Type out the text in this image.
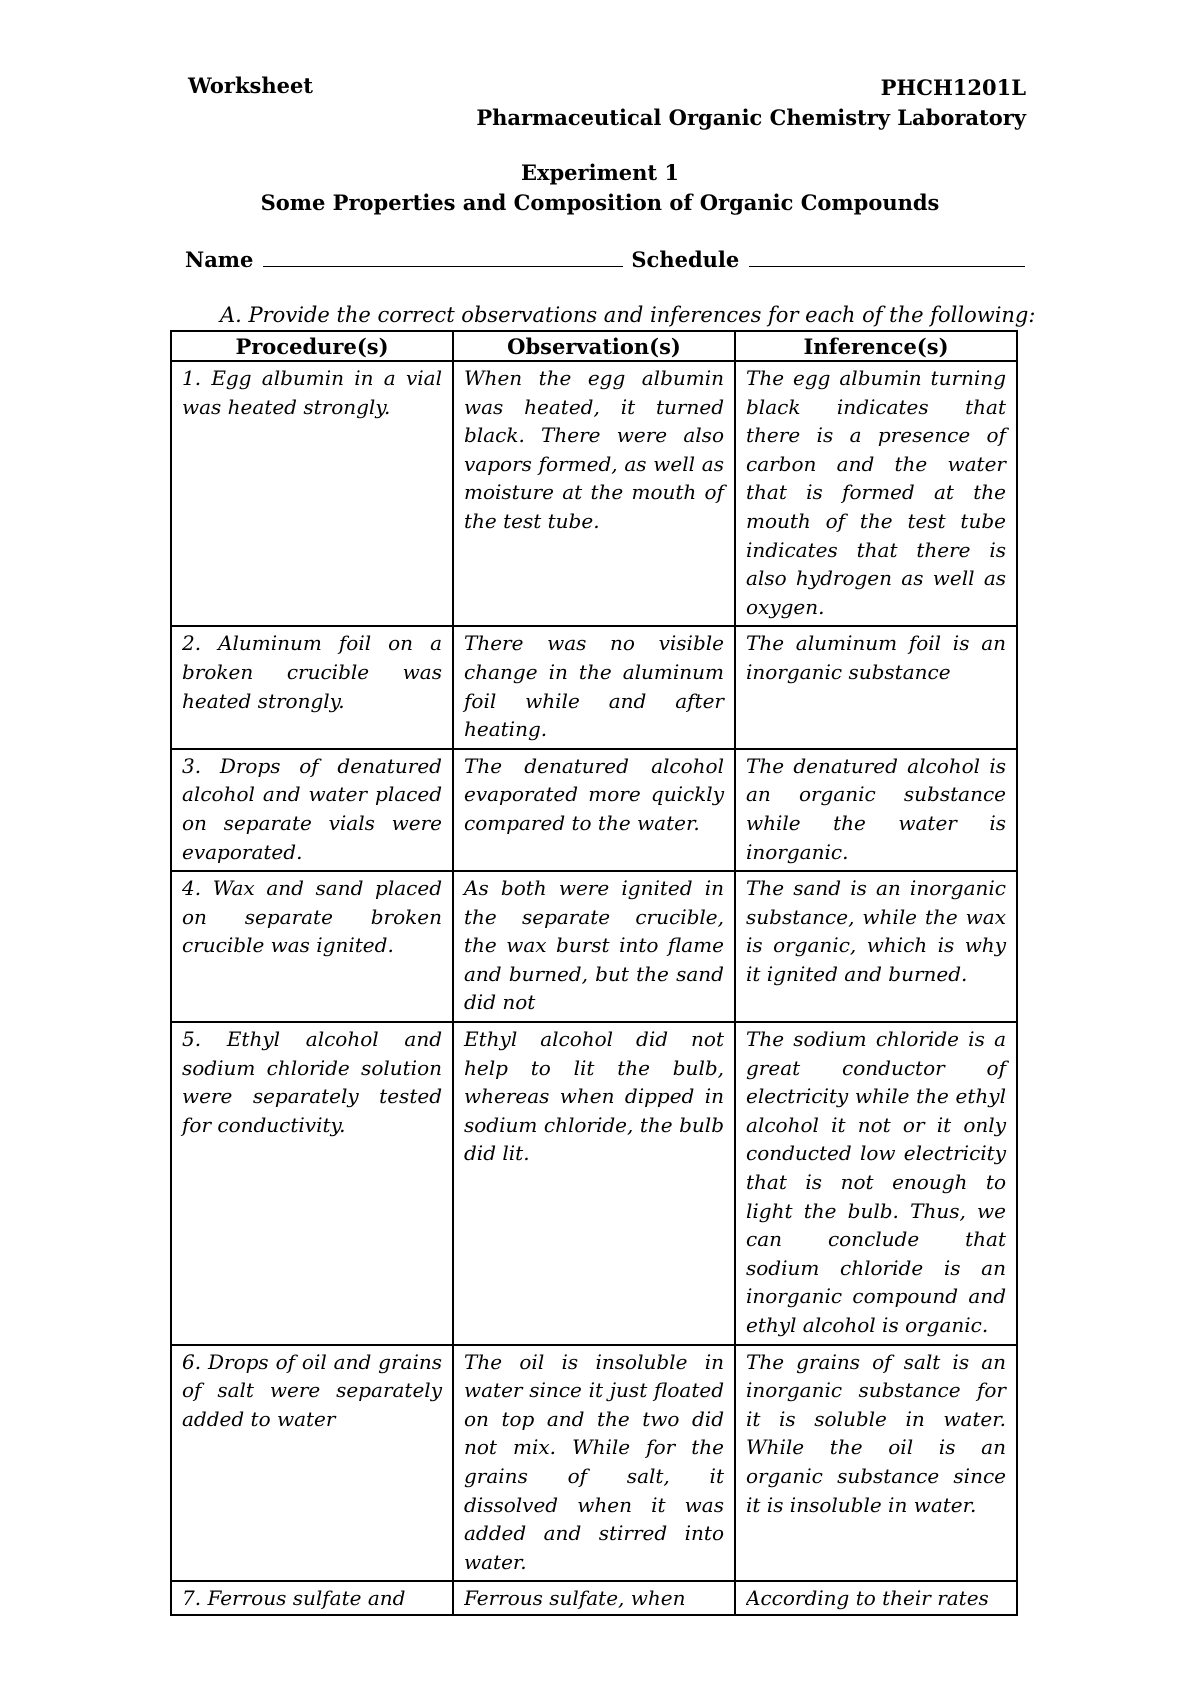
Worksheet	PHCH1201L
Pharmaceutical Organic Chemistry Laboratory
Experiment 1
Some Properties and Composition of Organic Compounds
Name	Schedule
A. Provide the correct observations and inferences for each of the following:
Procedure(s)	Observation(s)	Inference(s)
1. Egg albumin in a vial was heated strongly.	When the egg albumin was heated, it turned black. There were also vapors formed, as well as moisture at the mouth of the test tube.	The egg albumin turning black indicates that there is a presence of carbon and the water that is formed at the mouth of the test tube indicates that there is also hydrogen as well as oxygen.
2. Aluminum foil on a broken crucible was heated strongly.	There was no visible change in the aluminum foil while and after heating.	The aluminum foil is an inorganic substance
3. Drops of denatured alcohol and water placed on separate vials were evaporated.	The denatured alcohol evaporated more quickly compared to the water.	The denatured alcohol is an organic substance while the water is inorganic.
4. Wax and sand placed on separate broken crucible was ignited.	As both were ignited in the separate crucible, the wax burst into flame and burned, but the sand did not	The sand is an inorganic substance, while the wax is organic, which is why it ignited and burned.
5. Ethyl alcohol and sodium chloride solution were separately tested for conductivity.	Ethyl alcohol did not help to lit the bulb, whereas when dipped in sodium chloride, the bulb did lit.	The sodium chloride is a great conductor of electricity while the ethyl alcohol it not or it only conducted low electricity that is not enough to light the bulb. Thus, we can conclude that sodium chloride is an inorganic compound and ethyl alcohol is organic.
6. Drops of oil and grains of salt were separately added to water	The oil is insoluble in water since it just floated on top and the two did not mix. While for the grains of salt, it dissolved when it was added and stirred into water.	The grains of salt is an inorganic substance for it is soluble in water. While the oil is an organic substance since it is insoluble in water.

7. Ferrous sulfate and	Ferrous sulfate, when	According to their rates
